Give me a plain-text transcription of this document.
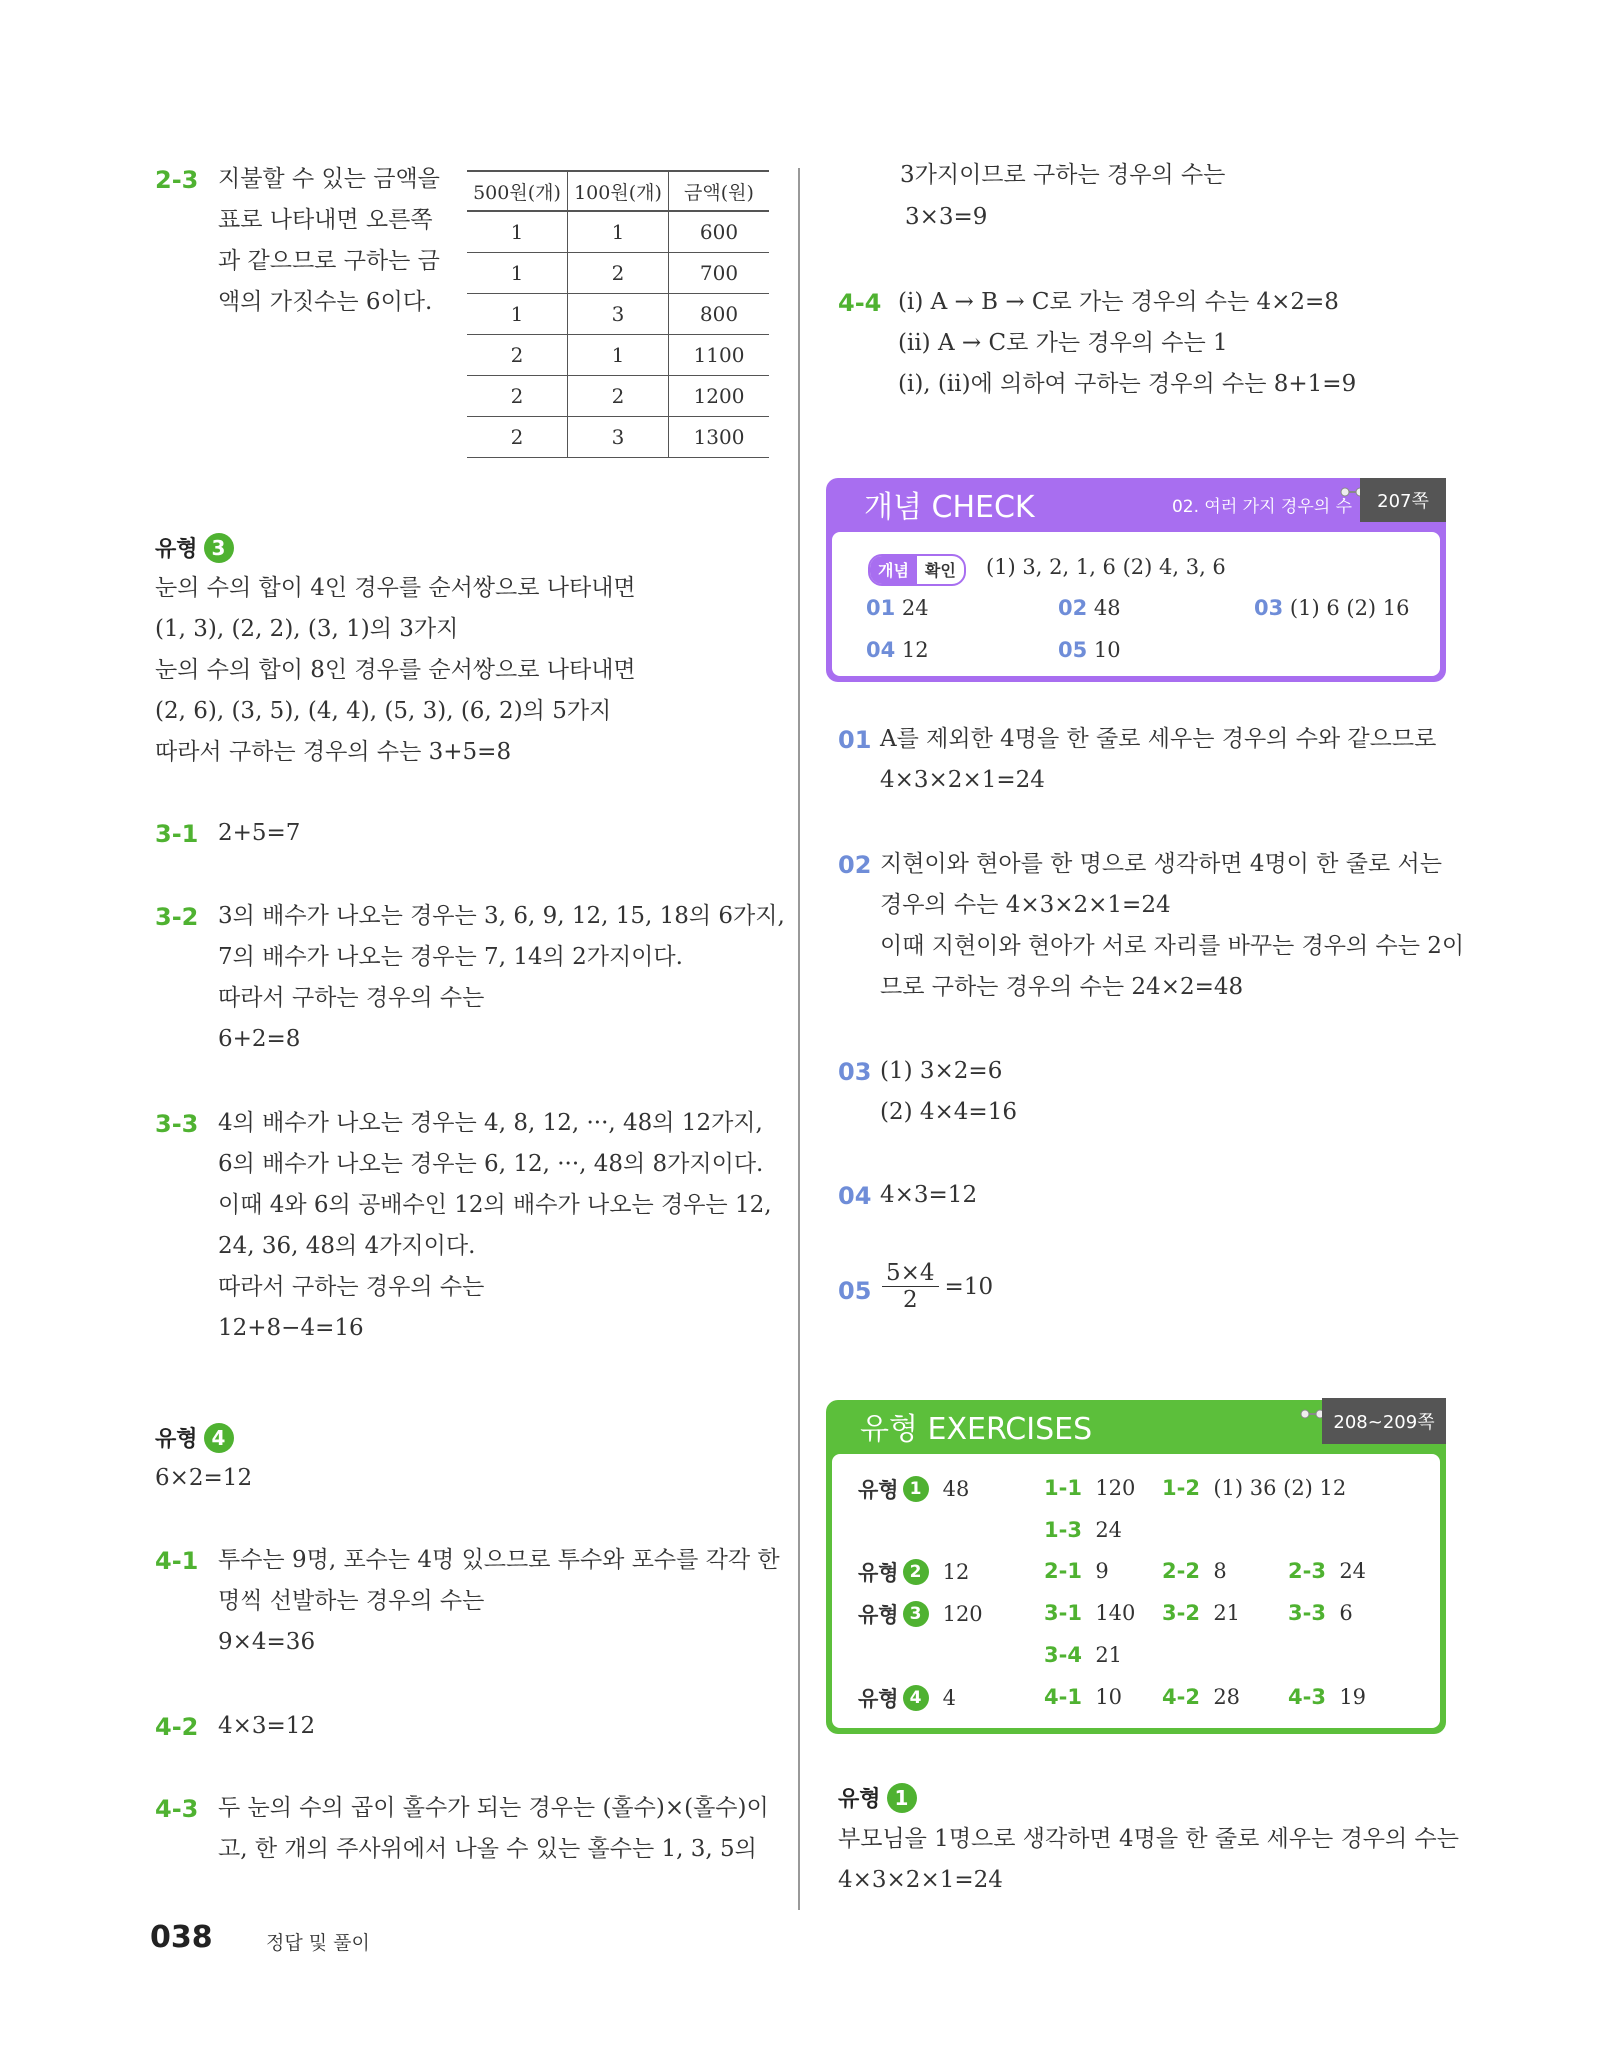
2-3 지불할 수 있는 금액을
표로 나타내면 오른쪽
과 같으므로 구하는 금
액의 가짓수는 6이다.
500원(개)	100원(개)	금액(원)
1	1	600
1	2	700
1	3	800
2	1	1100
2	2	1200
2	3	1300
유형 3
눈의 수의 합이 4인 경우를 순서쌍으로 나타내면
(1, 3), (2, 2), (3, 1)의 3가지
눈의 수의 합이 8인 경우를 순서쌍으로 나타내면
(2, 6), (3, 5), (4, 4), (5, 3), (6, 2)의 5가지
따라서 구하는 경우의 수는 3+5=8
3-1 2+5=7
3-2 3의 배수가 나오는 경우는 3, 6, 9, 12, 15, 18의 6가지,
7의 배수가 나오는 경우는 7, 14의 2가지이다.
따라서 구하는 경우의 수는
6+2=8
3-3 4의 배수가 나오는 경우는 4, 8, 12, ···, 48의 12가지,
6의 배수가 나오는 경우는 6, 12, ···, 48의 8가지이다.
이때 4와 6의 공배수인 12의 배수가 나오는 경우는 12,
24, 36, 48의 4가지이다.
따라서 구하는 경우의 수는
12+8−4=16
유형 4
6×2=12
4-1 투수는 9명, 포수는 4명 있으므로 투수와 포수를 각각 한
명씩 선발하는 경우의 수는
9×4=36
4-2 4×3=12
4-3 두 눈의 수의 곱이 홀수가 되는 경우는 (홀수)×(홀수)이
고, 한 개의 주사위에서 나올 수 있는 홀수는 1, 3, 5의
3가지이므로 구하는 경우의 수는
3×3=9
4-4 (i) A → B → C로 가는 경우의 수는 4×2=8
(ii) A → C로 가는 경우의 수는 1
(i), (ii)에 의하여 구하는 경우의 수는 8+1=9
개념 CHECK	02. 여러 가지 경우의 수	207쪽
개념	확인	(1) 3, 2, 1, 6 (2) 4, 3, 6
01 24	02 48	03 (1) 6 (2) 16
04 12	05 10
01 A를 제외한 4명을 한 줄로 세우는 경우의 수와 같으므로
4×3×2×1=24
02 지현이와 현아를 한 명으로 생각하면 4명이 한 줄로 서는
경우의 수는 4×3×2×1=24
이때 지현이와 현아가 서로 자리를 바꾸는 경우의 수는 2이
므로 구하는 경우의 수는 24×2=48
03 (1) 3×2=6
(2) 4×4=16
04 4×3=12
$05 \frac{5\times 4}{2} =10$
유형 EXERCISES	208~209쪽
유형 1	48	1-1 120 1-2 (1) 36 (2) 12
1-3 24
유형 2	12	2-1 9	2-2 8	2-3 24
유형 3	120	3-1 140 3-2 21 3-3 6
3-4 21
유형 4	4	4-1 10 4-2 28 4-3 19
유형 1
부모님을 1명으로 생각하면 4명을 한 줄로 세우는 경우의 수는
4×3×2×1=24
038	정답 및 풀이
